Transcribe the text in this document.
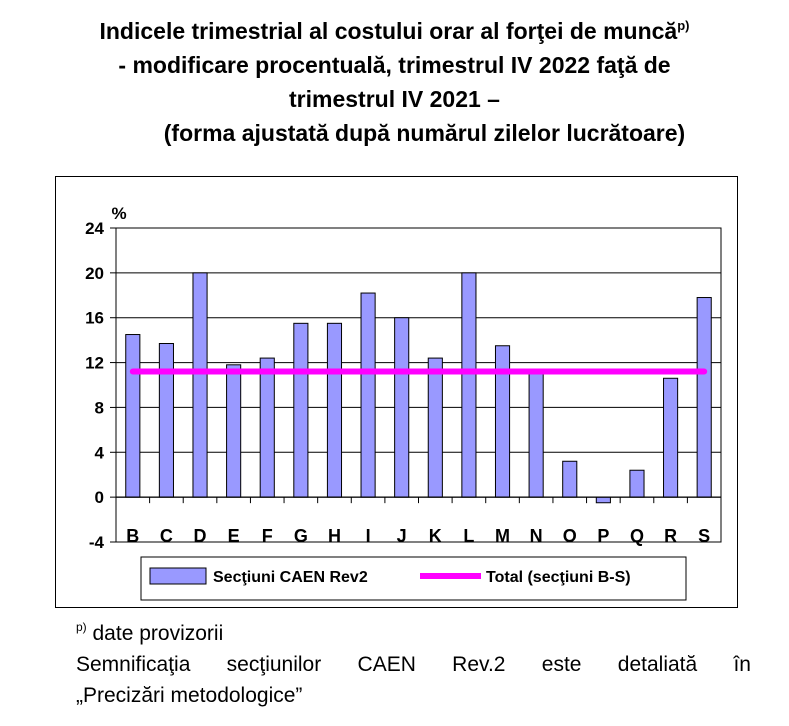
Indicele trimestrial al costului orar al forţei de muncă$^{p)}$
- modificare procentuală, trimestrul IV 2022 faţă de
trimestrul IV 2021 –
(forma ajustată după numărul zilelor lucrătoare)
-4
0
4
8
12
16
20
24
%
B C D E F G H I J K L M N O P Q R S
Secţiuni CAEN Rev2	Total (secţiuni B-S)
$^{p)}$ date provizorii
Semnificaţia secţiunilor CAEN Rev.2 este detaliată în
„Precizări metodologice”
